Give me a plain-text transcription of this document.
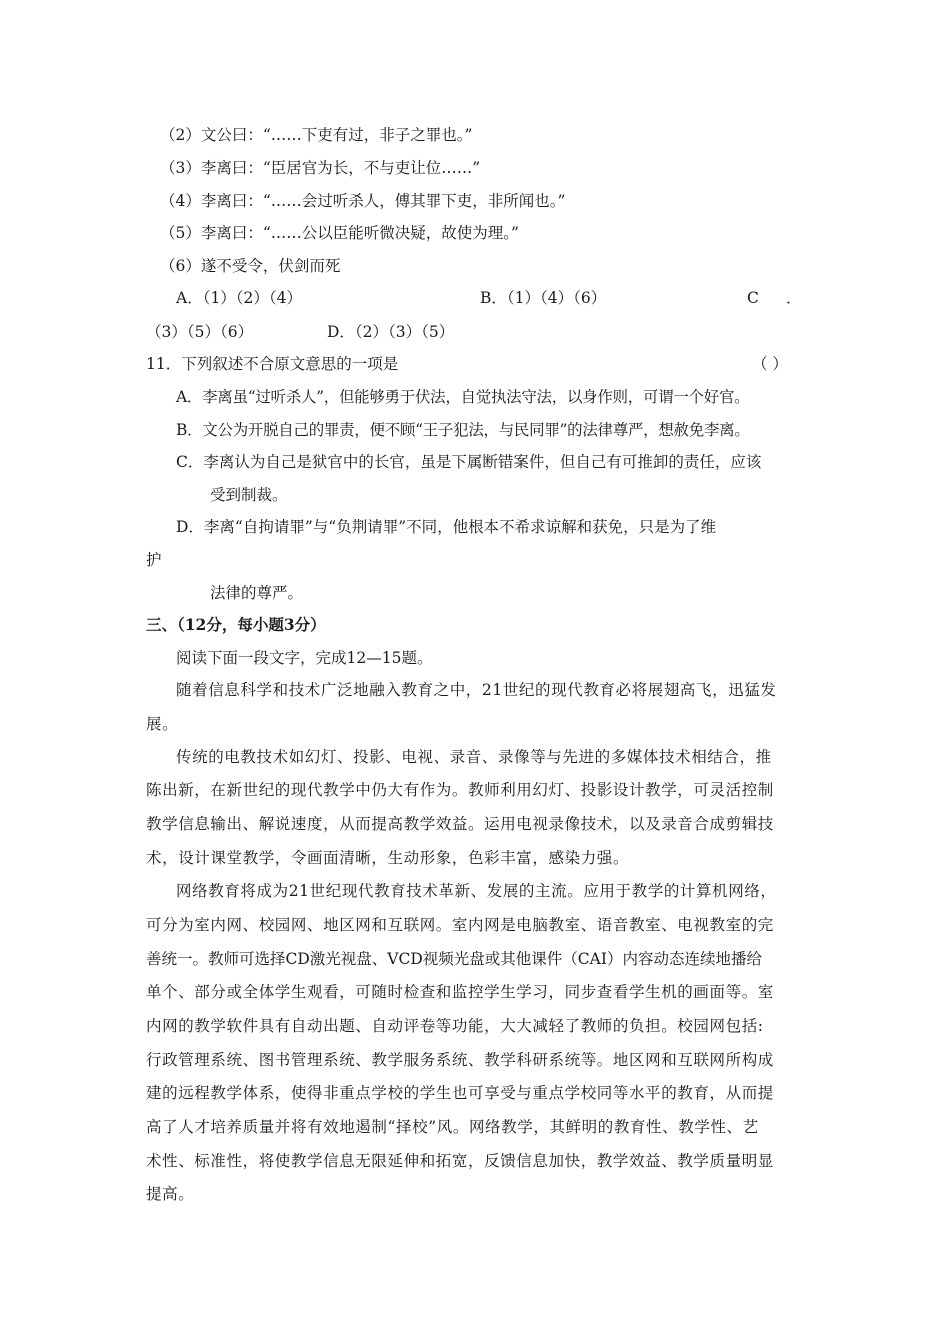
（2）文公曰：“……下吏有过，非子之罪也。”
（3）李离曰：“臣居官为长，不与吏让位……”
（4）李离曰：“……会过听杀人，傅其罪下吏，非所闻也。”
（5）李离曰：“……公以臣能听微决疑，故使为理。”
（6）遂不受令，伏剑而死
A．（1）（2）（4）	B．（1）（4）（6）	C ．
（3）（5）（6）	D．（2）（3）（5）
11．下列叙述不合原文意思的一项是	（ ）
A．李离虽“过听杀人”，但能够勇于伏法，自觉执法守法，以身作则，可谓一个好官。
B．文公为开脱自己的罪责，便不顾“王子犯法，与民同罪”的法律尊严，想赦免李离。
C．李离认为自己是狱官中的长官，虽是下属断错案件，但自己有可推卸的责任，应该
受到制裁。
D．李离“自拘请罪”与“负荆请罪”不同，他根本不希求谅解和获免，只是为了维
护
法律的尊严。
三、（12分，每小题3分）
阅读下面一段文字，完成12—15题。
随着信息科学和技术广泛地融入教育之中，21世纪的现代教育必将展翅高飞，迅猛发
展。
传统的电教技术如幻灯、投影、电视、录音、录像等与先进的多媒体技术相结合，推
陈出新，在新世纪的现代教学中仍大有作为。教师利用幻灯、投影设计教学，可灵活控制
教学信息输出、解说速度，从而提高教学效益。运用电视录像技术，以及录音合成剪辑技
术，设计课堂教学，令画面清晰，生动形象，色彩丰富，感染力强。
网络教育将成为21世纪现代教育技术革新、发展的主流。应用于教学的计算机网络，
可分为室内网、校园网、地区网和互联网。室内网是电脑教室、语音教室、电视教室的完
善统一。教师可选择CD激光视盘、VCD视频光盘或其他课件（CAI）内容动态连续地播给
单个、部分或全体学生观看，可随时检查和监控学生学习，同步查看学生机的画面等。室
内网的教学软件具有自动出题、自动评卷等功能，大大减轻了教师的负担。校园网包括:
行政管理系统、图书管理系统、教学服务系统、教学科研系统等。地区网和互联网所构成
建的远程教学体系，使得非重点学校的学生也可享受与重点学校同等水平的教育，从而提
高了人才培养质量并将有效地遏制“择校”风。网络教学，其鲜明的教育性、教学性、艺
术性、标准性，将使教学信息无限延伸和拓宽，反馈信息加快，教学效益、教学质量明显
提高。
